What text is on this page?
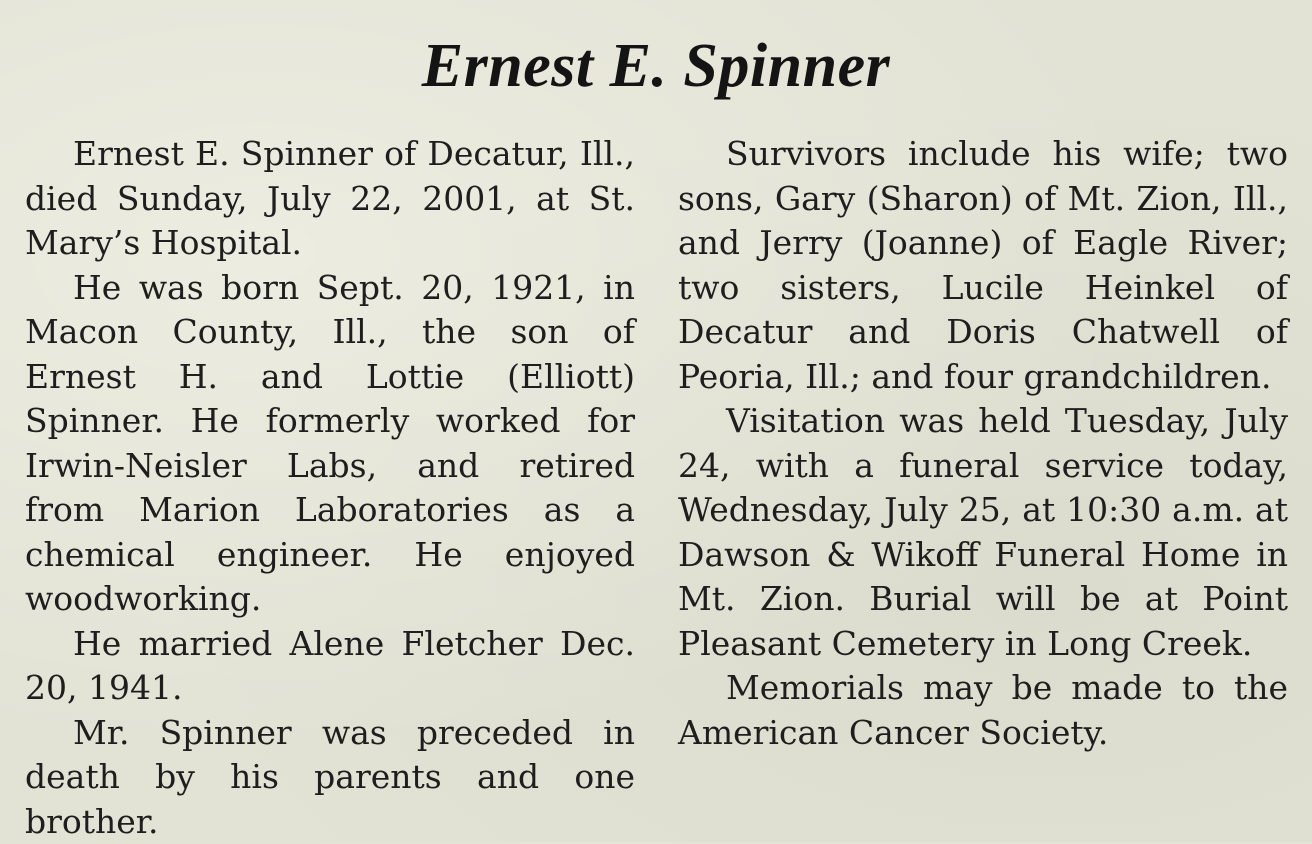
Ernest E. Spinner

Ernest E. Spinner of Decatur, Ill., died Sunday, July 22, 2001, at St. Mary’s Hospital.

He was born Sept. 20, 1921, in Macon County, Ill., the son of Ernest H. and Lottie (Elliott) Spinner. He formerly worked for Irwin-Neisler Labs, and retired from Marion Laboratories as a chemical engineer. He enjoyed woodworking.

He married Alene Fletcher Dec. 20, 1941.

Mr. Spinner was preceded in death by his parents and one brother.

Survivors include his wife; two sons, Gary (Sharon) of Mt. Zion, Ill., and Jerry (Joanne) of Eagle River; two sisters, Lucile Heinkel of Decatur and Doris Chatwell of Peoria, Ill.; and four grandchildren.

Visitation was held Tuesday, July 24, with a funeral service today, Wednesday, July 25, at 10:30 a.m. at Dawson & Wikoff Funeral Home in Mt. Zion. Burial will be at Point Pleasant Cemetery in Long Creek.

Memorials may be made to the American Cancer Society.
